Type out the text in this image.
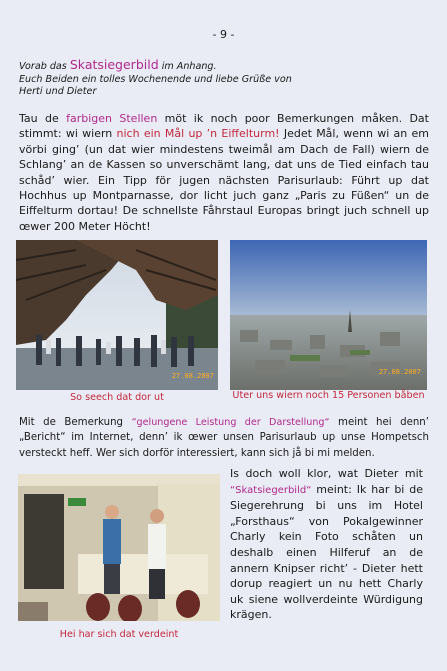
- 9 -
Vorab das Skatsiegerbild im Anhang.
Euch Beiden ein tolles Wochenende und liebe Grüße von
Herti und Dieter
Tau de farbigen Stellen möt ik noch poor Bemerkungen måken. Dat stimmt: wi wiern nich ein Mål up ’n Eiffelturm! Jedet Mål, wenn wi an em vörbi ging’ (un dat wier mindestens tweimål am Dach de Fall) wiern de Schlang’ an de Kassen so unverschämt lang, dat uns de Tied einfach tau schåd’ wier. Ein Tipp för jugen nächsten Parisurlaub: Führt up dat Hochhus up Montparnasse, dor licht juch ganz „Paris zu Füßen“ un de Eiffelturm dortau! De schnellste Fåhrstaul Europas bringt juch schnell up œwer 200 Meter Höcht!
27.08.2007
So seech dat dor ut
27.08.2007
Uter uns wiern noch 15 Personen båben
Mit de Bemerkung “gelungene Leistung der Darstellung“ meint hei denn’ „Bericht“ im Internet, denn’ ik œwer unsen Parisurlaub up unse Hompetsch versteckt heff. Wer sich dorför interessiert, kann sich jå bi mi melden.
Hei har sich dat verdeint
Is doch woll klor, wat Dieter mit “Skatsiegerbild“ meint: Ik har bi de Siegerehrung bi uns im Hotel „Forsthaus“ von Pokalgewinner Charly kein Foto schåten un deshalb einen Hilferuf an de annern Knipser richt’ - Dieter hett dorup reagiert un nu hett Charly uk siene wollverdeinte Würdigung krägen.
